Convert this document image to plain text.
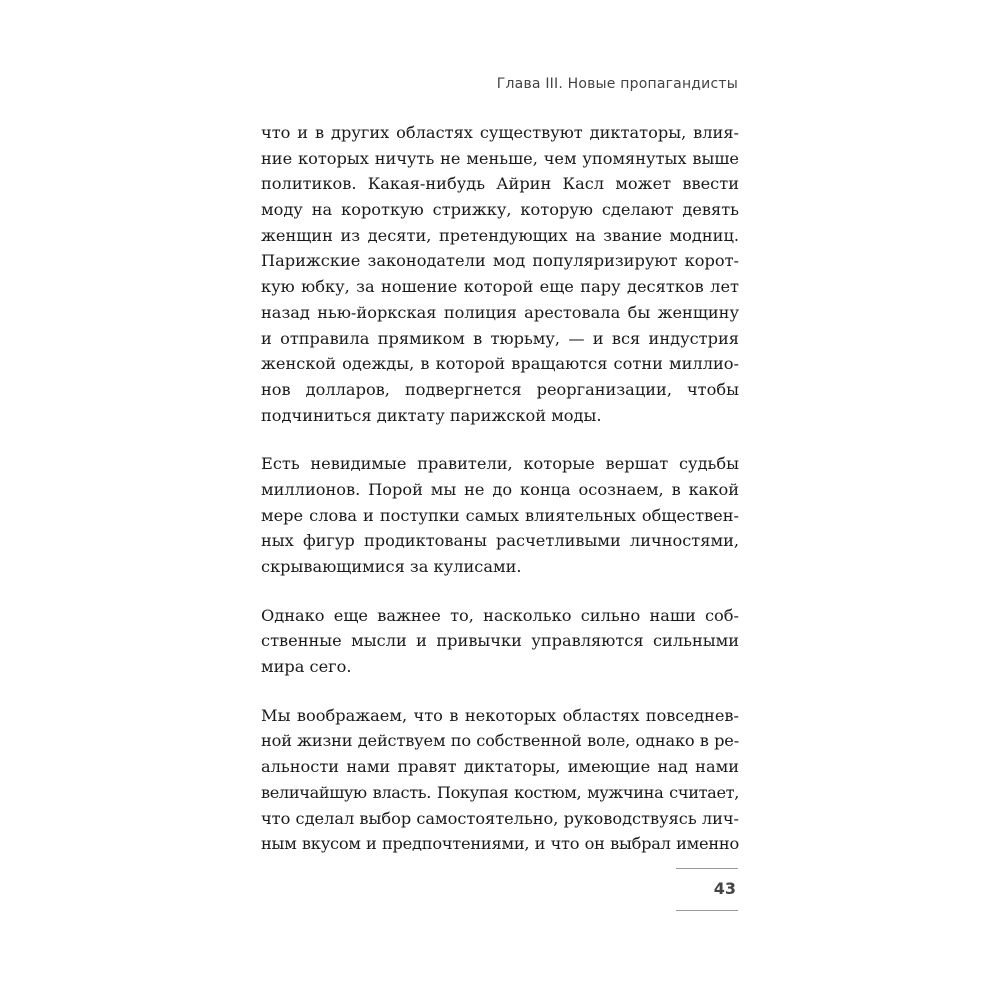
Глава III. Новые пропагандисты
что и в других областях существуют диктаторы, влия-
ние которых ничуть не меньше, чем упомянутых выше
политиков. Какая-нибудь Айрин Касл может ввести
моду на короткую стрижку, которую сделают девять
женщин из десяти, претендующих на звание модниц.
Парижские законодатели мод популяризируют корот-
кую юбку, за ношение которой еще пару десятков лет
назад нью-йоркская полиция арестовала бы женщину
и отправила прямиком в тюрьму, — и вся индустрия
женской одежды, в которой вращаются сотни миллио-
нов долларов, подвергнется реорганизации, чтобы
подчиниться диктату парижской моды.
Есть невидимые правители, которые вершат судьбы
миллионов. Порой мы не до конца осознаем, в какой
мере слова и поступки самых влиятельных обществен-
ных фигур продиктованы расчетливыми личностями,
скрывающимися за кулисами.
Однако еще важнее то, насколько сильно наши соб-
ственные мысли и привычки управляются сильными
мира сего.
Мы воображаем, что в некоторых областях повседнев-
ной жизни действуем по собственной воле, однако в ре-
альности нами правят диктаторы, имеющие над нами
величайшую власть. Покупая костюм, мужчина считает,
что сделал выбор самостоятельно, руководствуясь лич-
ным вкусом и предпочтениями, и что он выбрал именно
43
